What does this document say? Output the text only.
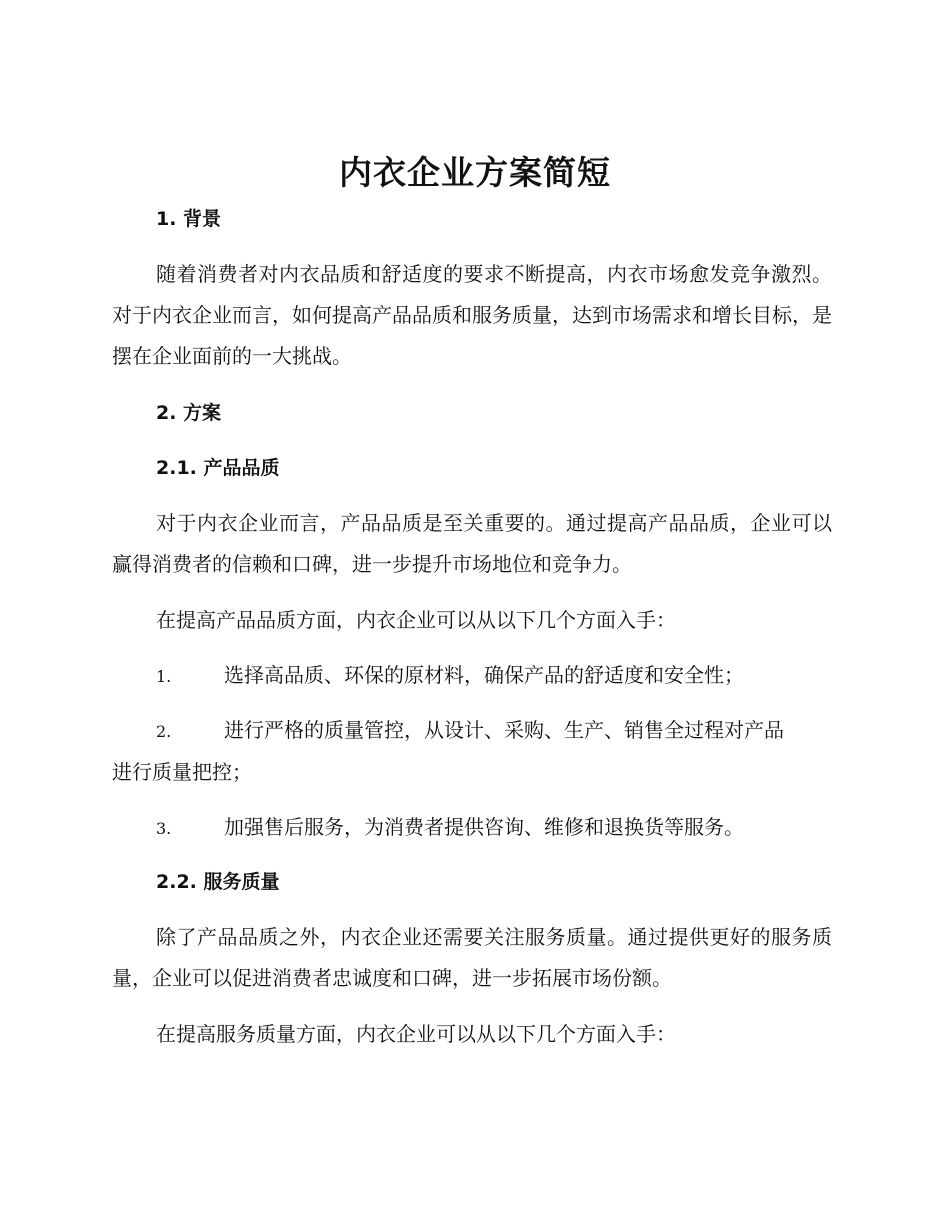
内衣企业方案简短
1. 背景

随着消费者对内衣品质和舒适度的要求不断提高，内衣市场愈发竞争激烈。对于内衣企业而言，如何提高产品品质和服务质量，达到市场需求和增长目标，是摆在企业面前的一大挑战。

2. 方案
2.1. 产品品质

对于内衣企业而言，产品品质是至关重要的。通过提高产品品质，企业可以赢得消费者的信赖和口碑，进一步提升市场地位和竞争力。

在提高产品品质方面，内衣企业可以从以下几个方面入手：

1.	选择高品质、环保的原材料，确保产品的舒适度和安全性；
2.	进行严格的质量管控，从设计、采购、生产、销售全过程对产品
进行质量把控；
3.	加强售后服务，为消费者提供咨询、维修和退换货等服务。
2.2. 服务质量

除了产品品质之外，内衣企业还需要关注服务质量。通过提供更好的服务质量，企业可以促进消费者忠诚度和口碑，进一步拓展市场份额。

在提高服务质量方面，内衣企业可以从以下几个方面入手：
